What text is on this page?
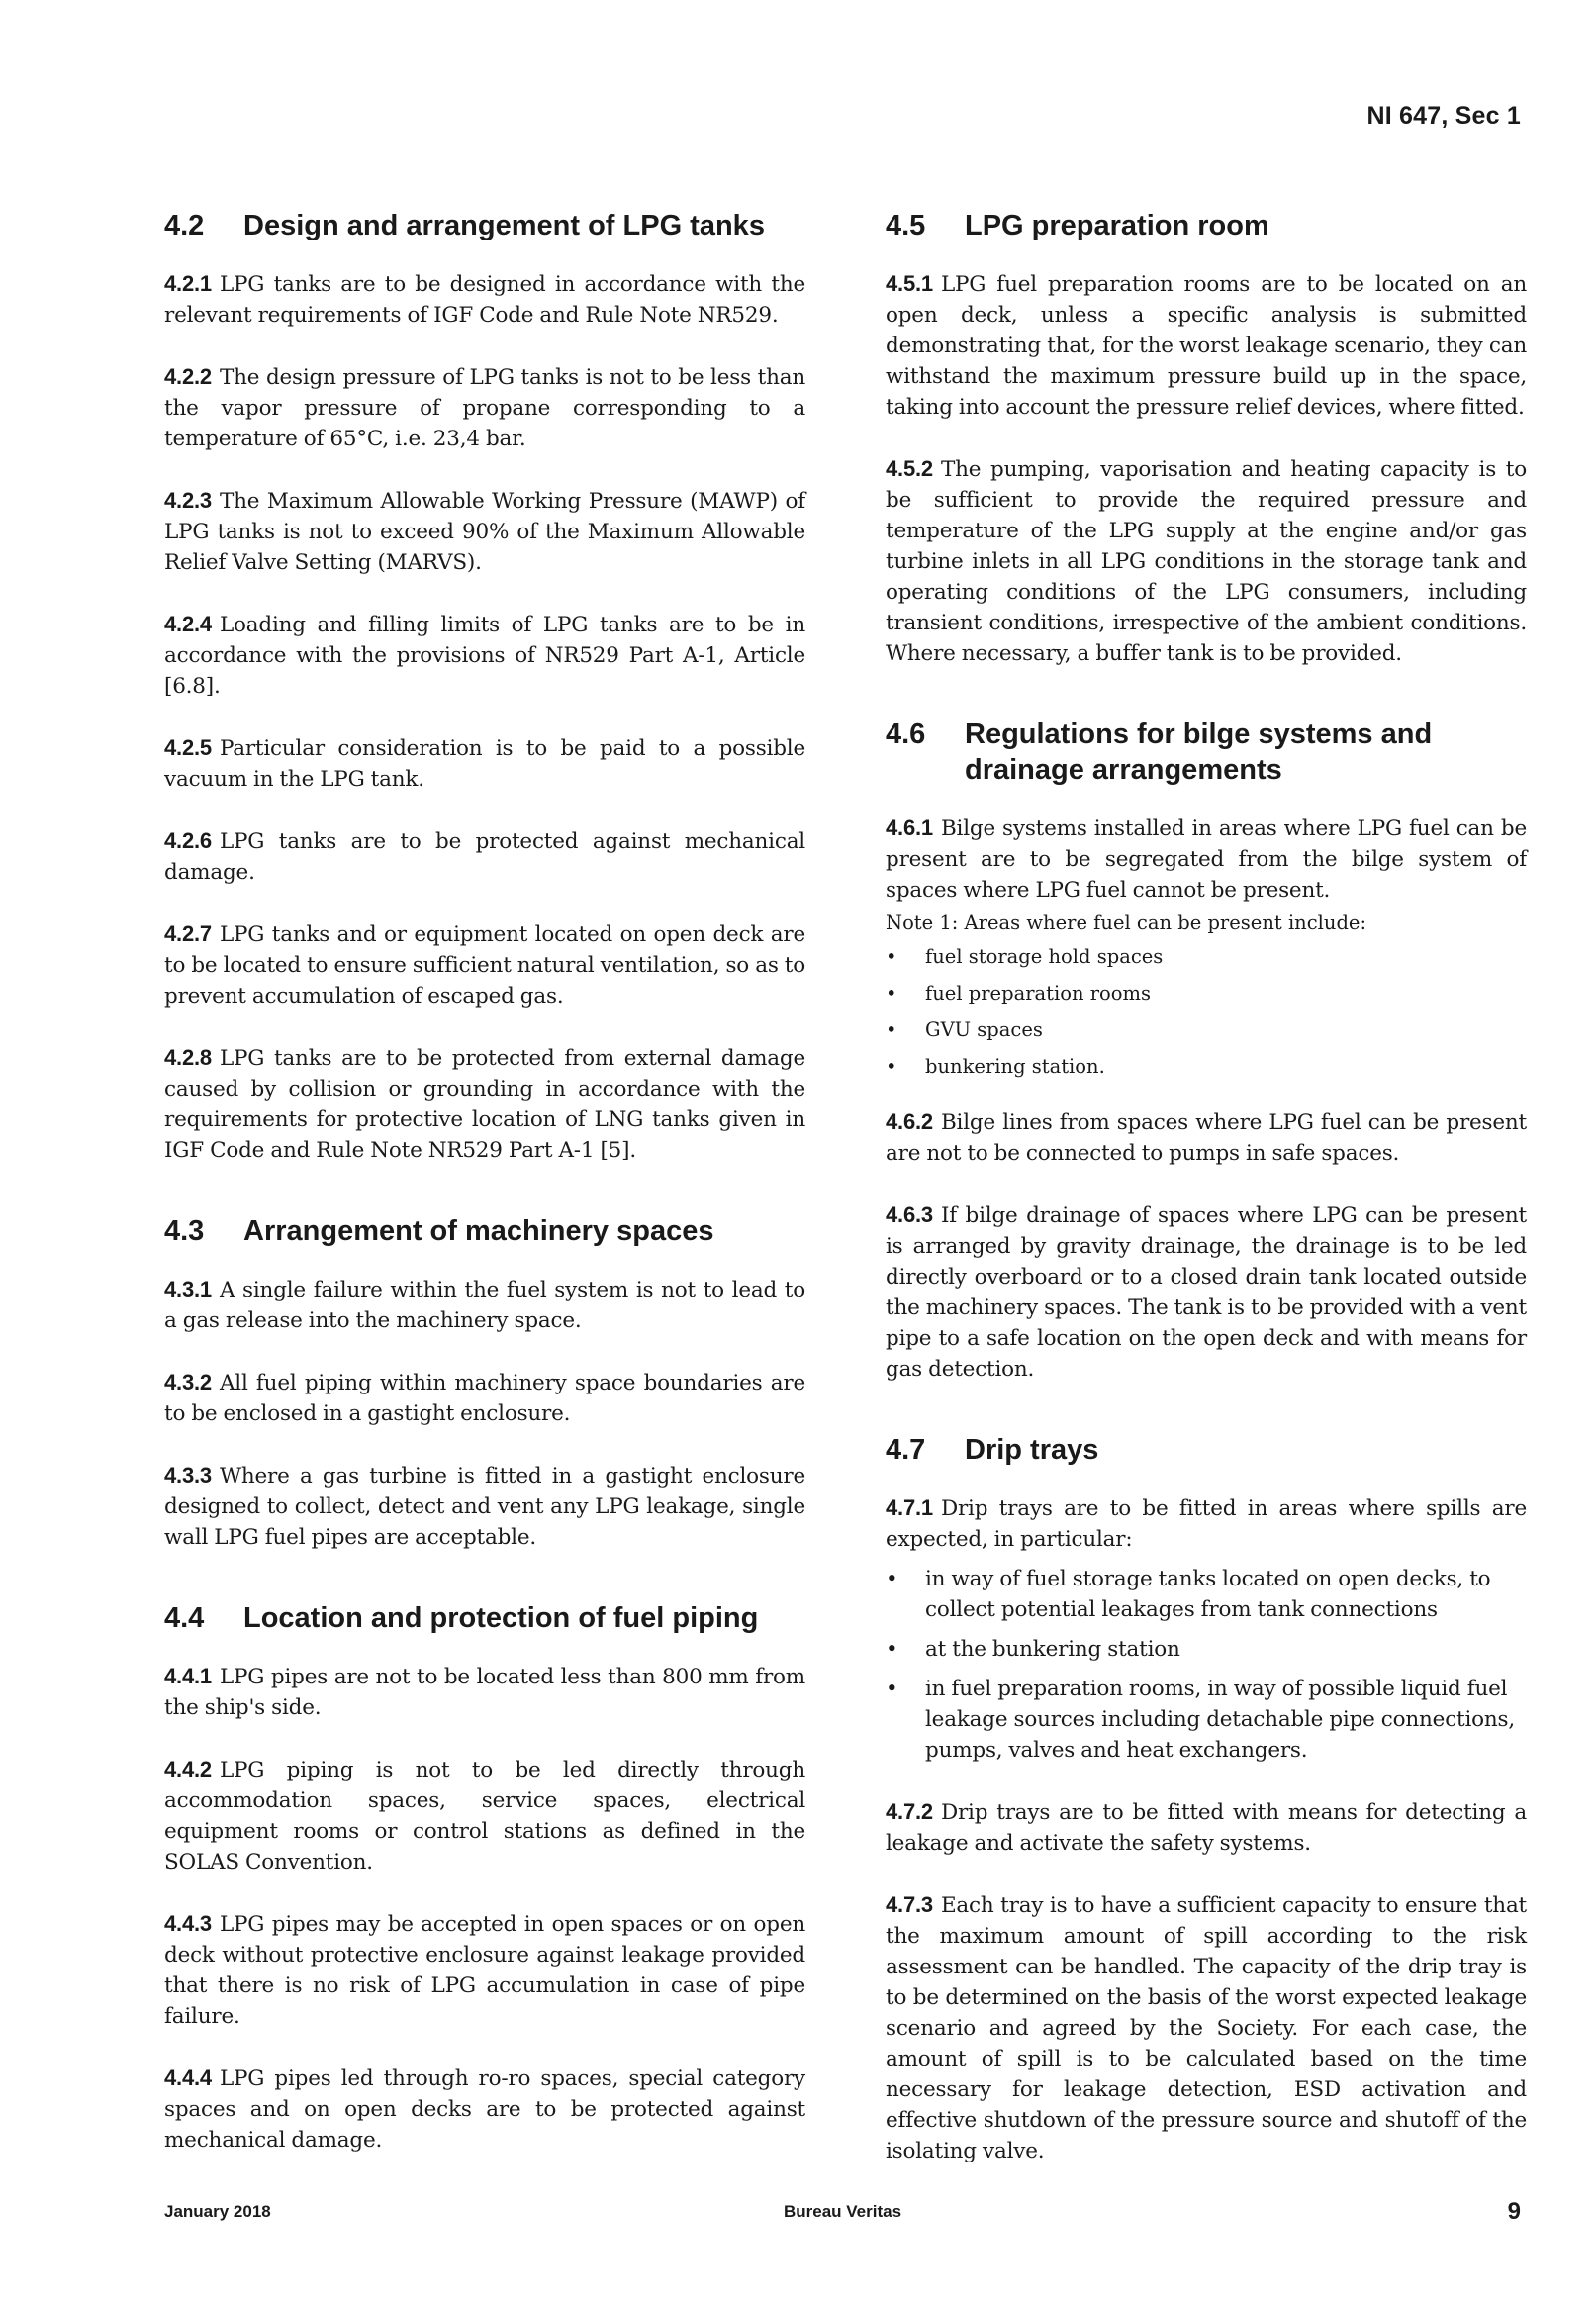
NI 647, Sec 1
4.2	Design and arrangement of LPG tanks

4.2.1 LPG tanks are to be designed in accordance with the relevant requirements of IGF Code and Rule Note NR529.

4.2.2 The design pressure of LPG tanks is not to be less than the vapor pressure of propane corresponding to a temperature of 65°C, i.e. 23,4 bar.

4.2.3 The Maximum Allowable Working Pressure (MAWP) of LPG tanks is not to exceed 90% of the Maximum Allowable Relief Valve Setting (MARVS).

4.2.4 Loading and filling limits of LPG tanks are to be in accordance with the provisions of NR529 Part A-1, Article [6.8].

4.2.5 Particular consideration is to be paid to a possible vacuum in the LPG tank.

4.2.6 LPG tanks are to be protected against mechanical damage.

4.2.7 LPG tanks and or equipment located on open deck are to be located to ensure sufficient natural ventilation, so as to prevent accumulation of escaped gas.

4.2.8 LPG tanks are to be protected from external damage caused by collision or grounding in accordance with the requirements for protective location of LNG tanks given in IGF Code and Rule Note NR529 Part A-1 [5].

4.3	Arrangement of machinery spaces

4.3.1 A single failure within the fuel system is not to lead to a gas release into the machinery space.

4.3.2 All fuel piping within machinery space boundaries are to be enclosed in a gastight enclosure.

4.3.3 Where a gas turbine is fitted in a gastight enclosure designed to collect, detect and vent any LPG leakage, single wall LPG fuel pipes are acceptable.

4.4	Location and protection of fuel piping

4.4.1 LPG pipes are not to be located less than 800 mm from the ship's side.

4.4.2 LPG piping is not to be led directly through accommodation spaces, service spaces, electrical equipment rooms or control stations as defined in the SOLAS Convention.

4.4.3 LPG pipes may be accepted in open spaces or on open deck without protective enclosure against leakage provided that there is no risk of LPG accumulation in case of pipe failure.

4.4.4 LPG pipes led through ro-ro spaces, special category spaces and on open decks are to be protected against mechanical damage.

4.5	LPG preparation room

4.5.1 LPG fuel preparation rooms are to be located on an open deck, unless a specific analysis is submitted demonstrating that, for the worst leakage scenario, they can withstand the maximum pressure build up in the space, taking into account the pressure relief devices, where fitted.

4.5.2 The pumping, vaporisation and heating capacity is to be sufficient to provide the required pressure and temperature of the LPG supply at the engine and/or gas turbine inlets in all LPG conditions in the storage tank and operating conditions of the LPG consumers, including transient conditions, irrespective of the ambient conditions. Where necessary, a buffer tank is to be provided.

4.6	Regulations for bilge systems and drainage arrangements

4.6.1 Bilge systems installed in areas where LPG fuel can be present are to be segregated from the bilge system of spaces where LPG fuel cannot be present.

Note 1: Areas where fuel can be present include:
• fuel storage hold spaces
• fuel preparation rooms
• GVU spaces
• bunkering station.

4.6.2 Bilge lines from spaces where LPG fuel can be present are not to be connected to pumps in safe spaces.

4.6.3 If bilge drainage of spaces where LPG can be present is arranged by gravity drainage, the drainage is to be led directly overboard or to a closed drain tank located outside the machinery spaces. The tank is to be provided with a vent pipe to a safe location on the open deck and with means for gas detection.

4.7	Drip trays

4.7.1 Drip trays are to be fitted in areas where spills are expected, in particular:

• in way of fuel storage tanks located on open decks, to collect potential leakages from tank connections
• at the bunkering station
• in fuel preparation rooms, in way of possible liquid fuel leakage sources including detachable pipe connections, pumps, valves and heat exchangers.

4.7.2 Drip trays are to be fitted with means for detecting a leakage and activate the safety systems.

4.7.3 Each tray is to have a sufficient capacity to ensure that the maximum amount of spill according to the risk assessment can be handled. The capacity of the drip tray is to be determined on the basis of the worst expected leakage scenario and agreed by the Society. For each case, the amount of spill is to be calculated based on the time necessary for leakage detection, ESD activation and effective shutdown of the pressure source and shutoff of the isolating valve.

January 2018	Bureau Veritas	9
